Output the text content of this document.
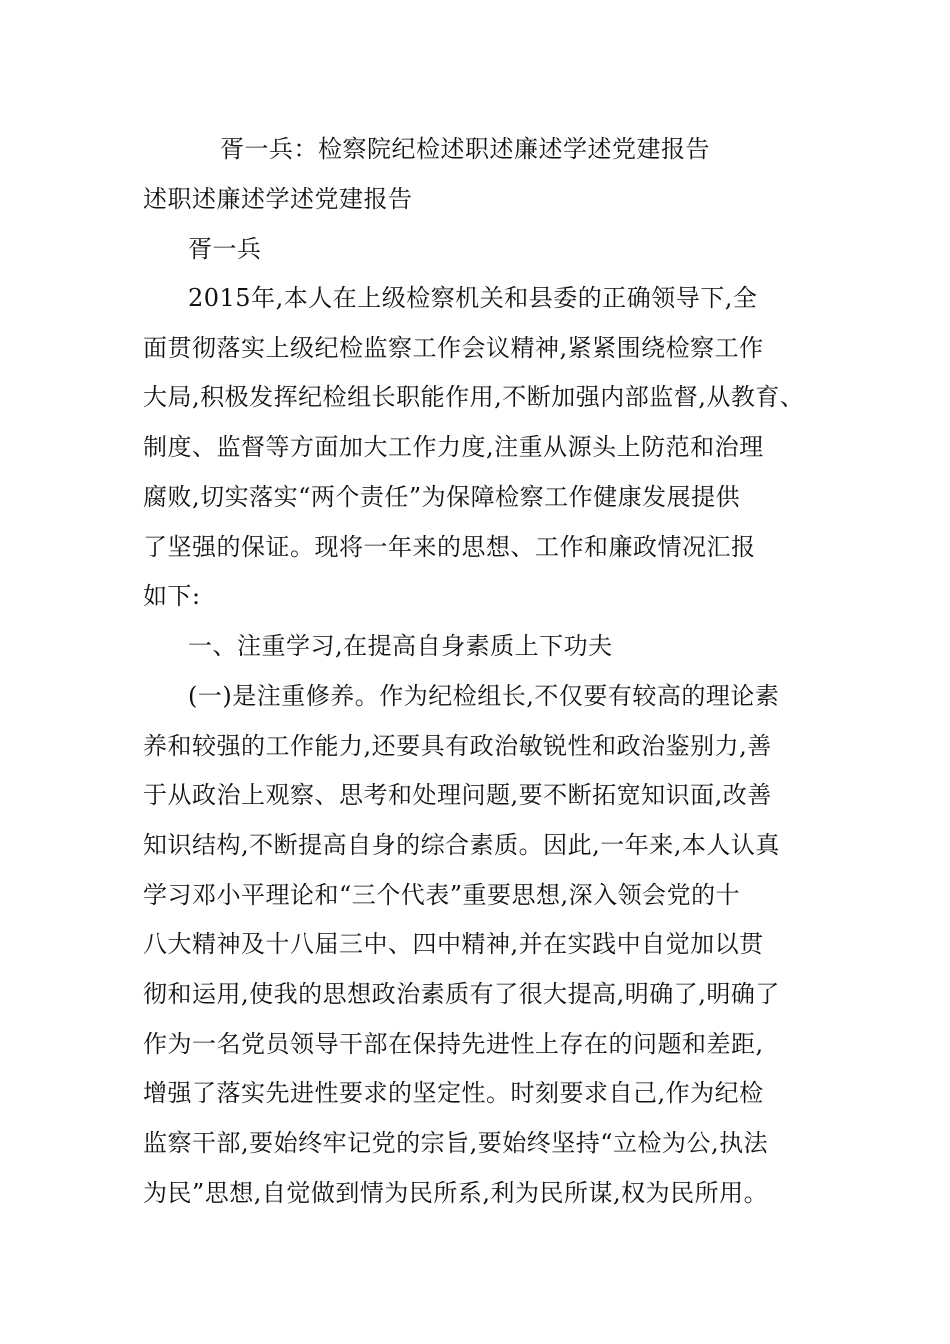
胥一兵：检察院纪检述职述廉述学述党建报告
述职述廉述学述党建报告
胥一兵
2015年,本人在上级检察机关和县委的正确领导下,全
面贯彻落实上级纪检监察工作会议精神,紧紧围绕检察工作
大局,积极发挥纪检组长职能作用,不断加强内部监督,从教育、
制度、监督等方面加大工作力度,注重从源头上防范和治理
腐败,切实落实“两个责任”为保障检察工作健康发展提供
了坚强的保证。现将一年来的思想、工作和廉政情况汇报
如下:
一、注重学习,在提高自身素质上下功夫
(一)是注重修养。作为纪检组长,不仅要有较高的理论素
养和较强的工作能力,还要具有政治敏锐性和政治鉴别力,善
于从政治上观察、思考和处理问题,要不断拓宽知识面,改善
知识结构,不断提高自身的综合素质。因此,一年来,本人认真
学习邓小平理论和“三个代表”重要思想,深入领会党的十
八大精神及十八届三中、四中精神,并在实践中自觉加以贯
彻和运用,使我的思想政治素质有了很大提高,明确了,明确了
作为一名党员领导干部在保持先进性上存在的问题和差距,
增强了落实先进性要求的坚定性。时刻要求自己,作为纪检
监察干部,要始终牢记党的宗旨,要始终坚持“立检为公,执法
为民”思想,自觉做到情为民所系,利为民所谋,权为民所用。
